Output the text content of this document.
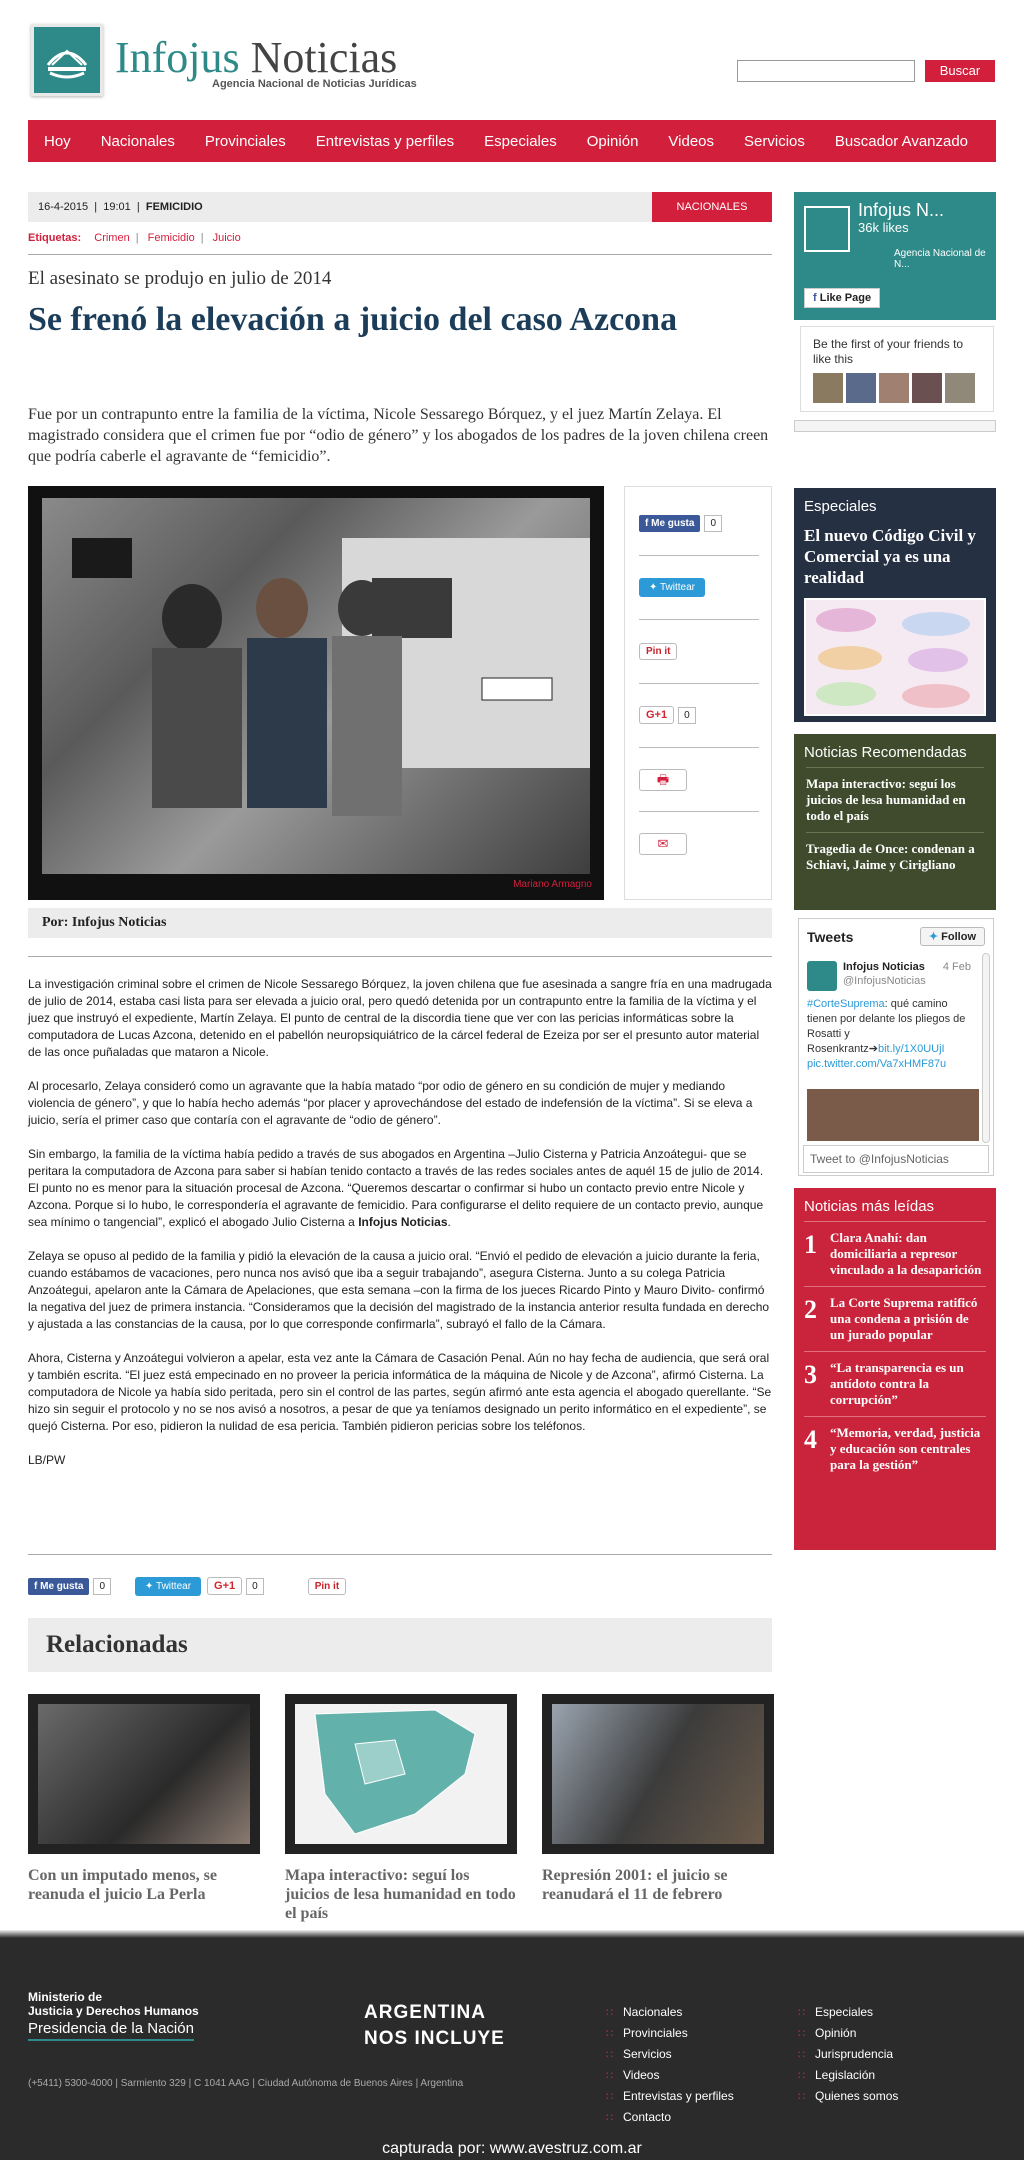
Infojus Noticias
Agencia Nacional de Noticias Jurídicas
Buscar
Hoy Nacionales Provinciales Entrevistas y perfiles Especiales Opinión Videos Servicios Buscador Avanzado
16-4-2015  |  19:01  |  FEMICIDIO	NACIONALES
Etiquetas: Crimen | Femicidio | Juicio
El asesinato se produjo en julio de 2014
Se frenó la elevación a juicio del caso Azcona
Fue por un contrapunto entre la familia de la víctima, Nicole Sessarego Bórquez, y el juez Martín Zelaya. El magistrado considera que el crimen fue por “odio de género” y los abogados de los padres de la joven chilena creen que podría caberle el agravante de “femicidio”.
Mariano Armagno
f Me gusta 0
✦ Twittear
Pin it
G+1 0
🖶
✉
Por: Infojus Noticias

La investigación criminal sobre el crimen de Nicole Sessarego Bórquez, la joven chilena que fue asesinada a sangre fría en una madrugada de julio de 2014, estaba casi lista para ser elevada a juicio oral, pero quedó detenida por un contrapunto entre la familia de la víctima y el juez que instruyó el expediente, Martín Zelaya. El punto de central de la discordia tiene que ver con las pericias informáticas sobre la computadora de Lucas Azcona, detenido en el pabellón neuropsiquiátrico de la cárcel federal de Ezeiza por ser el presunto autor material de las once puñaladas que mataron a Nicole.

Al procesarlo, Zelaya consideró como un agravante que la había matado “por odio de género en su condición de mujer y mediando violencia de género”, y que lo había hecho además “por placer y aprovechándose del estado de indefensión de la víctima”. Si se eleva a juicio, sería el primer caso que contaría con el agravante de “odio de género”.

Sin embargo, la familia de la víctima había pedido a través de sus abogados en Argentina –Julio Cisterna y Patricia Anzoátegui- que se peritara la computadora de Azcona para saber si habían tenido contacto a través de las redes sociales antes de aquél 15 de julio de 2014. El punto no es menor para la situación procesal de Azcona. “Queremos descartar o confirmar si hubo un contacto previo entre Nicole y Azcona. Porque si lo hubo, le correspondería el agravante de femicidio. Para configurarse el delito requiere de un contacto previo, aunque sea mínimo o tangencial”, explicó el abogado Julio Cisterna a Infojus Noticias.

Zelaya se opuso al pedido de la familia y pidió la elevación de la causa a juicio oral. “Envió el pedido de elevación a juicio durante la feria, cuando estábamos de vacaciones, pero nunca nos avisó que iba a seguir trabajando”, asegura Cisterna. Junto a su colega Patricia Anzoátegui, apelaron ante la Cámara de Apelaciones, que esta semana –con la firma de los jueces Ricardo Pinto y Mauro Divito- confirmó la negativa del juez de primera instancia. “Consideramos que la decisión del magistrado de la instancia anterior resulta fundada en derecho y ajustada a las constancias de la causa, por lo que corresponde confirmarla”, subrayó el fallo de la Cámara.

Ahora, Cisterna y Anzoátegui volvieron a apelar, esta vez ante la Cámara de Casación Penal. Aún no hay fecha de audiencia, que será oral y también escrita. “El juez está empecinado en no proveer la pericia informática de la máquina de Nicole y de Azcona”, afirmó Cisterna. La computadora de Nicole ya había sido peritada, pero sin el control de las partes, según afirmó ante esta agencia el abogado querellante. “Se hizo sin seguir el protocolo y no se nos avisó a nosotros, a pesar de que ya teníamos designado un perito informático en el expediente”, se quejó Cisterna. Por eso, pidieron la nulidad de esa pericia. También pidieron pericias sobre los teléfonos.

LB/PW

f Me gusta	0	✦ Twittear	G+1	0	Pin it
Relacionadas
Con un imputado menos, se reanuda el juicio La Perla
Mapa interactivo: seguí los juicios de lesa humanidad en todo el país
Represión 2001: el juicio se reanudará el 11 de febrero
Infojus N...
36k likes
Agencia Nacional de N...
f Like Page
Be the first of your friends to like this
Especiales
El nuevo Código Civil y Comercial ya es una realidad
Noticias Recomendadas
Mapa interactivo: seguí los juicios de lesa humanidad en todo el país
Tragedia de Once: condenan a Schiavi, Jaime y Cirigliano
Tweets	✦ Follow
Infojus Noticias
@InfojusNoticias
4 Feb
#CorteSuprema: qué camino tienen por delante los pliegos de Rosatti y Rosenkrantz➔bit.ly/1X0UUjI pic.twitter.com/Va7xHMF87u
Tweet to @InfojusNoticias
Noticias más leídas
1	Clara Anahí: dan domiciliaria a represor vinculado a la desaparición
2	La Corte Suprema ratificó una condena a prisión de un jurado popular
3	“La transparencia es un antídoto contra la corrupción”
4	“Memoria, verdad, justicia y educación son centrales para la gestión”
Ministerio de
Justicia y Derechos Humanos
Presidencia de la Nación
ARGENTINA
NOS INCLUYE
(+5411) 5300-4000 | Sarmiento 329 | C 1041 AAG | Ciudad Autónoma de Buenos Aires | Argentina
∷ Nacionales
∷ Provinciales
∷ Servicios
∷ Videos
∷ Entrevistas y perfiles
∷ Contacto
∷ Especiales
∷ Opinión
∷ Jurisprudencia
∷ Legislación
∷ Quienes somos
capturada por: www.avestruz.com.ar
